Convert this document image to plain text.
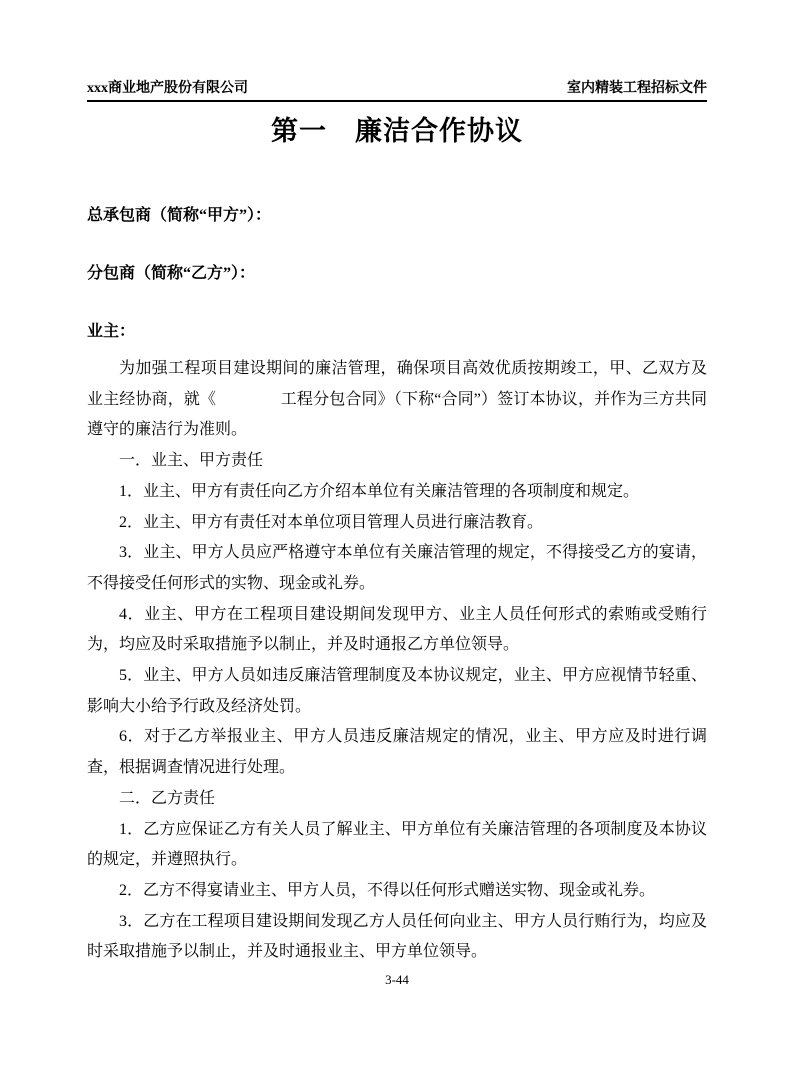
xxx商业地产股份有限公司	室内精装工程招标文件
第一　廉洁合作协议

总承包商（简称“甲方”）：

分包商（简称“乙方”）：

业主：

为加强工程项目建设期间的廉洁管理，确保项目高效优质按期竣工，甲、乙双方及业主经协商，就《　　　　工程分包合同》（下称“合同”）签订本协议，并作为三方共同遵守的廉洁行为准则。

一．业主、甲方责任

1．业主、甲方有责任向乙方介绍本单位有关廉洁管理的各项制度和规定。

2．业主、甲方有责任对本单位项目管理人员进行廉洁教育。

3．业主、甲方人员应严格遵守本单位有关廉洁管理的规定，不得接受乙方的宴请，不得接受任何形式的实物、现金或礼券。

4．业主、甲方在工程项目建设期间发现甲方、业主人员任何形式的索贿或受贿行为，均应及时采取措施予以制止，并及时通报乙方单位领导。

5．业主、甲方人员如违反廉洁管理制度及本协议规定，业主、甲方应视情节轻重、影响大小给予行政及经济处罚。

6．对于乙方举报业主、甲方人员违反廉洁规定的情况，业主、甲方应及时进行调查，根据调查情况进行处理。

二．乙方责任

1．乙方应保证乙方有关人员了解业主、甲方单位有关廉洁管理的各项制度及本协议的规定，并遵照执行。

2．乙方不得宴请业主、甲方人员，不得以任何形式赠送实物、现金或礼券。

3．乙方在工程项目建设期间发现乙方人员任何向业主、甲方人员行贿行为，均应及时采取措施予以制止，并及时通报业主、甲方单位领导。

3-44
